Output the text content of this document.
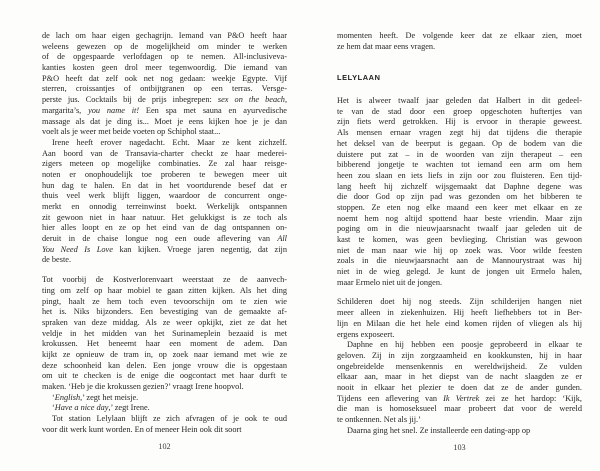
de lach om haar eigen gechagrijn. Iemand van P&O heeft haar
weleens gewezen op de mogelijkheid om minder te werken
of de opgespaarde verlofdagen op te nemen. All-inclusiveva-
kanties kosten geen drol meer tegenwoordig. Die iemand van
P&O heeft dat zelf ook net nog gedaan: weekje Egypte. Vijf
sterren, croissantjes of ontbijtgranen op een terras. Versge-
perste jus. Cocktails bij de prijs inbegrepen: sex on the beach,
margarita’s, you name it! Een spa met sauna en ayurvedische
massage als dat je ding is... Moet je eens kijken hoe je je dan
voelt als je weer met beide voeten op Schiphol staat...
Irene heeft erover nagedacht. Echt. Maar ze kent zichzelf.
Aan boord van de Transavia-charter checkt ze haar mederei-
zigers meteen op mogelijke combinaties. Ze zal haar reisge-
noten er onophoudelijk toe proberen te bewegen meer uit
hun dag te halen. En dat in het voortdurende besef dat er
thuis veel werk blijft liggen, waardoor de concurrent onge-
merkt en onnodig terreinwinst boekt. Werkelijk ontspannen
zit gewoon niet in haar natuur. Het gelukkigst is ze toch als
hier alles loopt en ze op het eind van de dag ontspannen on-
deruit in de chaise longue nog een oude aflevering van All
You Need Is Love kan kijken. Vroege jaren negentig, dat zijn
de beste.
Tot voorbij de Kostverlorenvaart weerstaat ze de aanvech-
ting om zelf op haar mobiel te gaan zitten kijken. Als het ding
pingt, haalt ze hem toch even tevoorschijn om te zien wie
het is. Niks bijzonders. Een bevestiging van de gemaakte af-
spraken van deze middag. Als ze weer opkijkt, ziet ze dat het
veldje in het midden van het Surinameplein bezaaid is met
krokussen. Het beneemt haar een moment de adem. Dan
kijkt ze opnieuw de tram in, op zoek naar iemand met wie ze
deze schoonheid kan delen. Een jonge vrouw die is opgestaan
om uit te checken is de enige die oogcontact met haar durft te
maken. ‘Heb je die krokussen gezien?’ vraagt Irene hoopvol.
‘English,’ zegt het meisje.
‘Have a nice day,’ zegt Irene.
Tot station Lelylaan blijft ze zich afvragen of je ook te oud
voor dit werk kunt worden. En of meneer Hein ook dit soort
102
momenten heeft. De volgende keer dat ze elkaar zien, moet
ze hem dat maar eens vragen.
LELYLAAN
Het is alweer twaalf jaar geleden dat Halbert in dit gedeel-
te van de stad door een groep opgeschoten huftertjes van
zijn fiets werd getrokken. Hij is ervoor in therapie geweest.
Als mensen ernaar vragen zegt hij dat tijdens die therapie
het deksel van de beerput is gegaan. Op de bodem van die
duistere put zat – in de woorden van zijn therapeut – een
bibberend jongetje te wachten tot iemand een arm om hem
heen zou slaan en iets liefs in zijn oor zou fluisteren. Een tijd-
lang heeft hij zichzelf wijsgemaakt dat Daphne degene was
die door God op zijn pad was gezonden om het bibberen te
stoppen. Ze eten nog elke maand een keer met elkaar en ze
noemt hem nog altijd spottend haar beste vriendin. Maar zijn
poging om in die nieuwjaarsnacht twaalf jaar geleden uit de
kast te komen, was geen bevlieging. Christian was gewoon
niet de man naar wie hij op zoek was. Voor wilde feesten
zoals in die nieuwjaarsnacht aan de Mannourystraat was hij
niet in de wieg gelegd. Je kunt de jongen uit Ermelo halen,
maar Ermelo niet uit de jongen.
Schilderen doet hij nog steeds. Zijn schilderijen hangen niet
meer alleen in ziekenhuizen. Hij heeft liefhebbers tot in Ber-
lijn en Milaan die het hele eind komen rijden of vliegen als hij
ergens exposeert.
Daphne en hij hebben een poosje geprobeerd in elkaar te
geloven. Zij in zijn zorgzaamheid en kookkunsten, hij in haar
ongebreidelde mensenkennis en wereldwijsheid. Ze vulden
elkaar aan, maar in het diepst van de nacht slaagden ze er
nooit in elkaar het plezier te doen dat ze de ander gunden.
Tijdens een aflevering van Ik Vertrek zei ze het hardop: ‘Kijk,
die man is homoseksueel maar probeert dat voor de wereld
te ontkennen. Net als jij.’
Daarna ging het snel. Ze installeerde een dating-app op
103
